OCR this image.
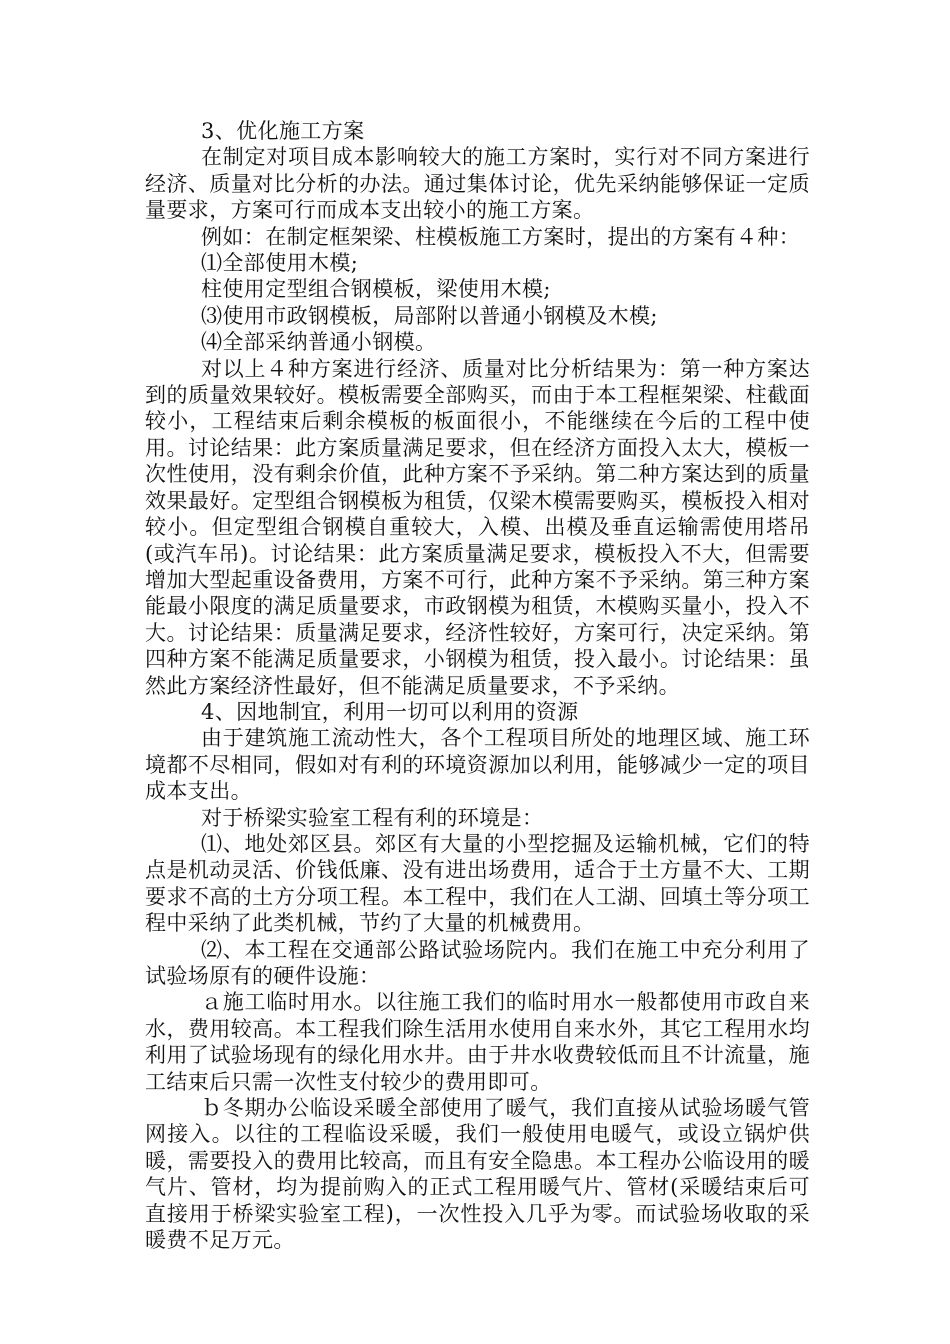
3、优化施工方案

在制定对项目成本影响较大的施工方案时，实行对不同方案进行经济、质量对比分析的办法。通过集体讨论，优先采纳能够保证一定质量要求，方案可行而成本支出较小的施工方案。

例如：在制定框架梁、柱模板施工方案时，提出的方案有４种：

⑴全部使用木模;

柱使用定型组合钢模板，梁使用木模;

⑶使用市政钢模板，局部附以普通小钢模及木模;

⑷全部采纳普通小钢模。

对以上４种方案进行经济、质量对比分析结果为：第一种方案达到的质量效果较好。模板需要全部购买，而由于本工程框架梁、柱截面较小，工程结束后剩余模板的板面很小，不能继续在今后的工程中使用。讨论结果：此方案质量满足要求，但在经济方面投入太大，模板一次性使用，没有剩余价值，此种方案不予采纳。第二种方案达到的质量效果最好。定型组合钢模板为租赁，仅梁木模需要购买，模板投入相对较小。但定型组合钢模自重较大，入模、出模及垂直运输需使用塔吊(或汽车吊)。讨论结果：此方案质量满足要求，模板投入不大，但需要增加大型起重设备费用，方案不可行，此种方案不予采纳。第三种方案能最小限度的满足质量要求，市政钢模为租赁，木模购买量小，投入不大。讨论结果：质量满足要求，经济性较好，方案可行，决定采纳。第四种方案不能满足质量要求，小钢模为租赁，投入最小。讨论结果：虽然此方案经济性最好，但不能满足质量要求，不予采纳。

4、因地制宜，利用一切可以利用的资源

由于建筑施工流动性大，各个工程项目所处的地理区域、施工环境都不尽相同，假如对有利的环境资源加以利用，能够减少一定的项目成本支出。

对于桥梁实验室工程有利的环境是：

⑴、地处郊区县。郊区有大量的小型挖掘及运输机械，它们的特点是机动灵活、价钱低廉、没有进出场费用，适合于土方量不大、工期要求不高的土方分项工程。本工程中，我们在人工湖、回填土等分项工程中采纳了此类机械，节约了大量的机械费用。

⑵、本工程在交通部公路试验场院内。我们在施工中充分利用了试验场原有的硬件设施：

ａ施工临时用水。以往施工我们的临时用水一般都使用市政自来水，费用较高。本工程我们除生活用水使用自来水外，其它工程用水均利用了试验场现有的绿化用水井。由于井水收费较低而且不计流量，施工结束后只需一次性支付较少的费用即可。

ｂ冬期办公临设采暖全部使用了暖气，我们直接从试验场暖气管网接入。以往的工程临设采暖，我们一般使用电暖气，或设立锅炉供暖，需要投入的费用比较高，而且有安全隐患。本工程办公临设用的暖气片、管材，均为提前购入的正式工程用暖气片、管材(采暖结束后可直接用于桥梁实验室工程)，一次性投入几乎为零。而试验场收取的采暖费不足万元。
